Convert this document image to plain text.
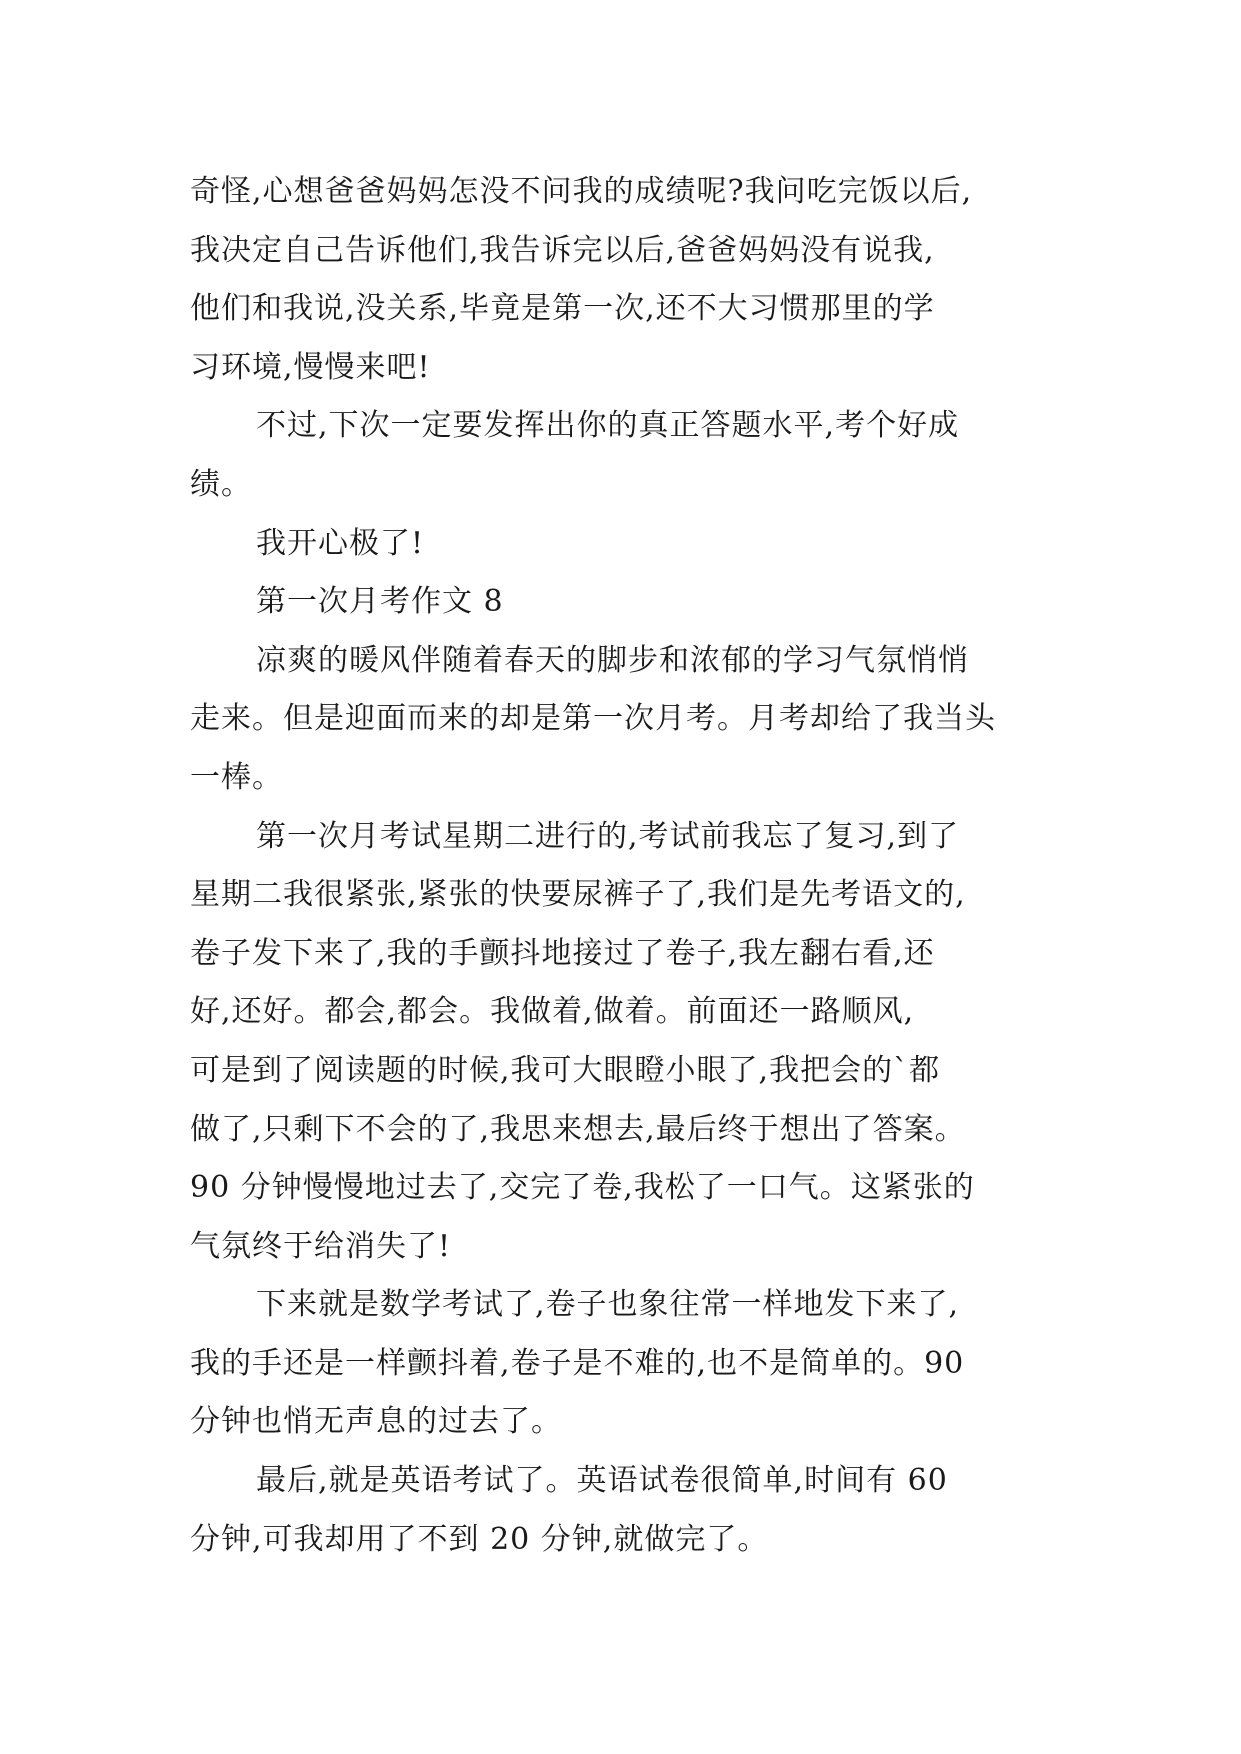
奇怪,心想爸爸妈妈怎没不问我的成绩呢?我问吃完饭以后,
我决定自己告诉他们,我告诉完以后,爸爸妈妈没有说我,
他们和我说,没关系,毕竟是第一次,还不大习惯那里的学
习环境,慢慢来吧!
不过,下次一定要发挥出你的真正答题水平,考个好成
绩。
我开心极了!
第一次月考作文 8
凉爽的暖风伴随着春天的脚步和浓郁的学习气氛悄悄
走来。但是迎面而来的却是第一次月考。月考却给了我当头
一棒。
第一次月考试星期二进行的,考试前我忘了复习,到了
星期二我很紧张,紧张的快要尿裤子了,我们是先考语文的,
卷子发下来了,我的手颤抖地接过了卷子,我左翻右看,还
好,还好。都会,都会。我做着,做着。前面还一路顺风,
可是到了阅读题的时候,我可大眼瞪小眼了,我把会的`都
做了,只剩下不会的了,我思来想去,最后终于想出了答案。
90 分钟慢慢地过去了,交完了卷,我松了一口气。这紧张的
气氛终于给消失了!
下来就是数学考试了,卷子也象往常一样地发下来了,
我的手还是一样颤抖着,卷子是不难的,也不是简单的。90
分钟也悄无声息的过去了。
最后,就是英语考试了。英语试卷很简单,时间有 60
分钟,可我却用了不到 20 分钟,就做完了。
